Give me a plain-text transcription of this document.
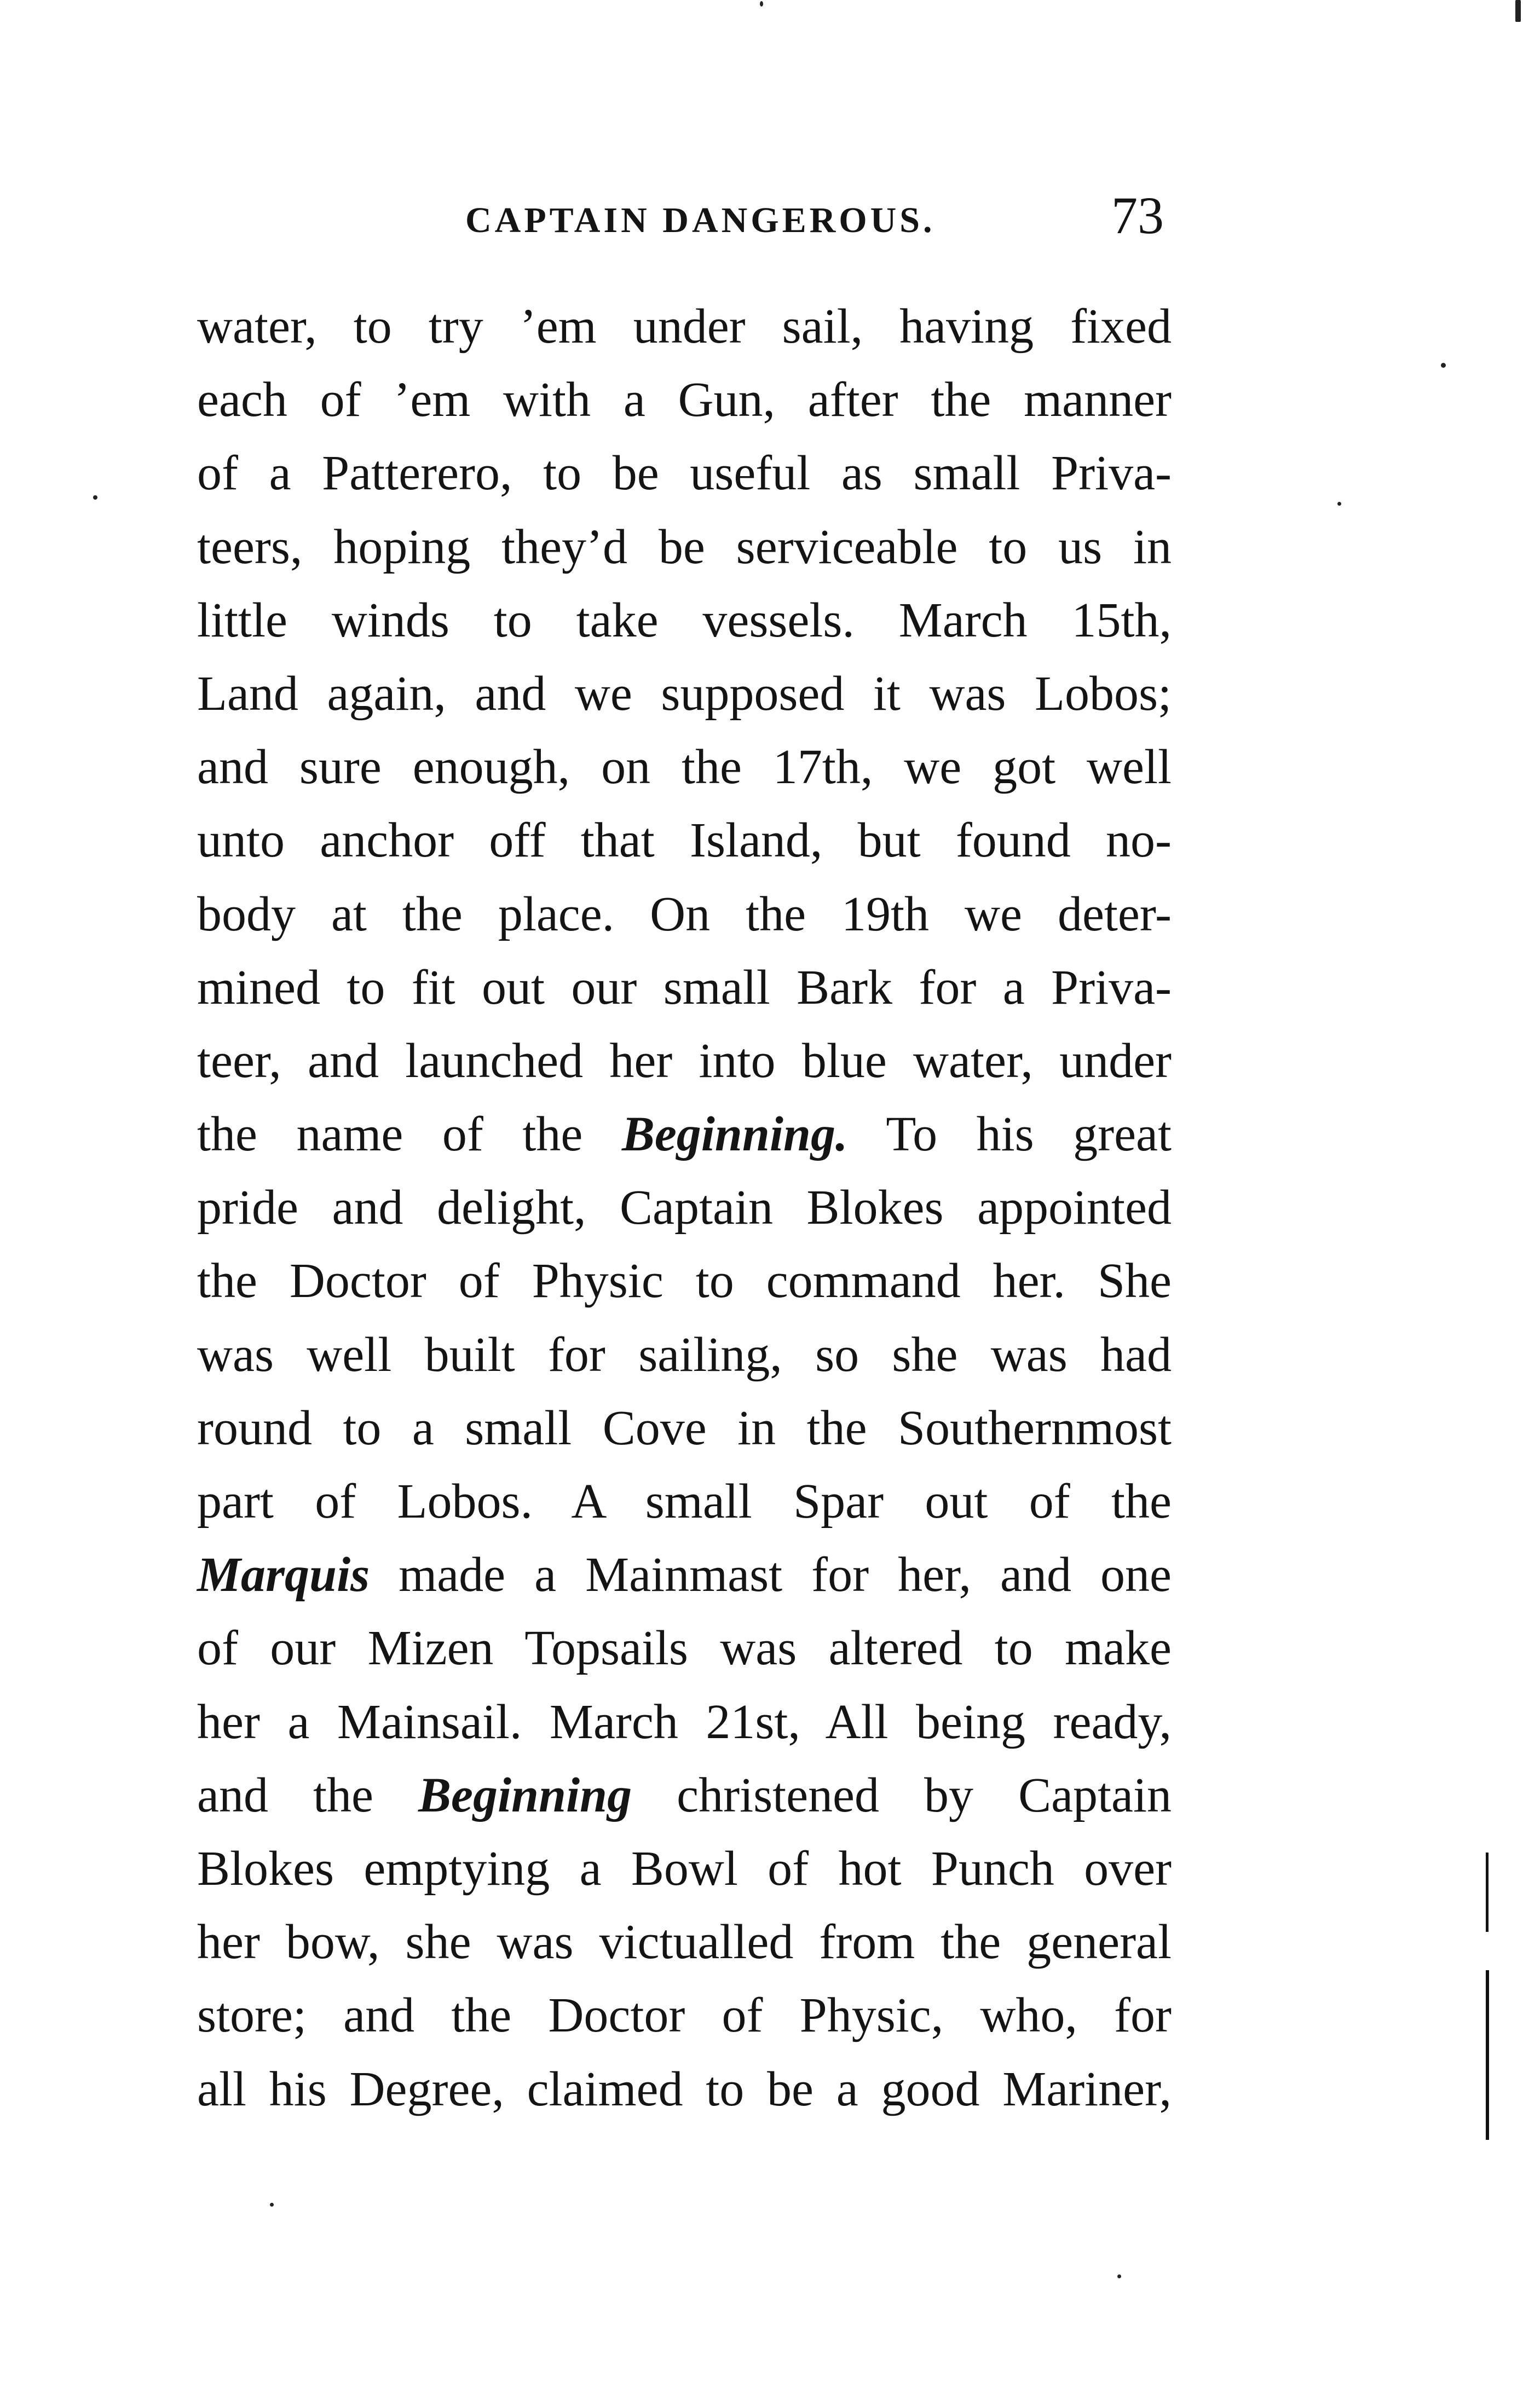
CAPTAIN DANGEROUS.	73
water, to try ’em under sail, having fixed
each of ’em with a Gun, after the manner
of a Patterero, to be useful as small Priva-
teers, hoping they’d be serviceable to us in
little winds to take vessels. March 15th,
Land again, and we supposed it was Lobos;
and sure enough, on the 17th, we got well
unto anchor off that Island, but found no-
body at the place. On the 19th we deter-
mined to fit out our small Bark for a Priva-
teer, and launched her into blue water, under
the name of the Beginning. To his great
pride and delight, Captain Blokes appointed
the Doctor of Physic to command her. She
was well built for sailing, so she was had
round to a small Cove in the Southernmost
part of Lobos. A small Spar out of the
Marquis made a Mainmast for her, and one
of our Mizen Topsails was altered to make
her a Mainsail. March 21st, All being ready,
and the Beginning christened by Captain
Blokes emptying a Bowl of hot Punch over
her bow, she was victualled from the general
store; and the Doctor of Physic, who, for
all his Degree, claimed to be a good Mariner,
